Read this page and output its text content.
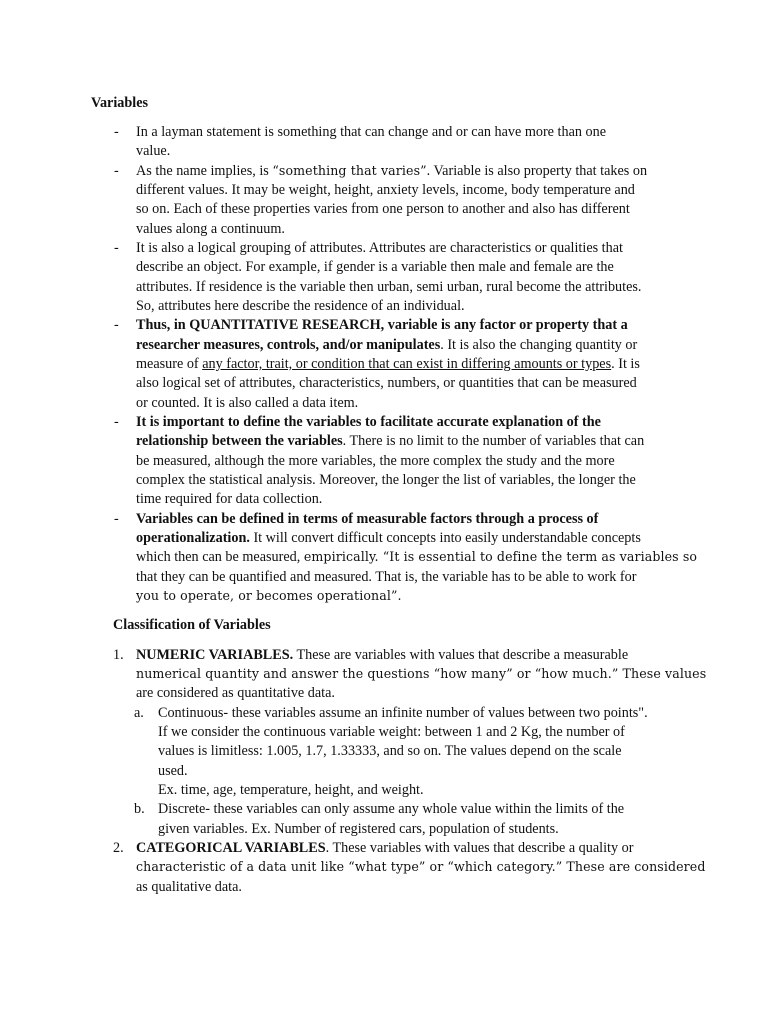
Variables
- In a layman statement is something that can change and or can have more than one
value.
- As the name implies, is “something that varies”. Variable is also property that takes on
different values. It may be weight, height, anxiety levels, income, body temperature and
so on. Each of these properties varies from one person to another and also has different
values along a continuum.
- It is also a logical grouping of attributes. Attributes are characteristics or qualities that
describe an object. For example, if gender is a variable then male and female are the
attributes. If residence is the variable then urban, semi urban, rural become the attributes.
So, attributes here describe the residence of an individual.
- Thus, in QUANTITATIVE RESEARCH, variable is any factor or property that a
researcher measures, controls, and/or manipulates. It is also the changing quantity or
measure of any factor, trait, or condition that can exist in differing amounts or types. It is
also logical set of attributes, characteristics, numbers, or quantities that can be measured
or counted. It is also called a data item.
- It is important to define the variables to facilitate accurate explanation of the
relationship between the variables. There is no limit to the number of variables that can
be measured, although the more variables, the more complex the study and the more
complex the statistical analysis. Moreover, the longer the list of variables, the longer the
time required for data collection.
- Variables can be defined in terms of measurable factors through a process of
operationalization. It will convert difficult concepts into easily understandable concepts
which then can be measured, empirically. “It is essential to define the term as variables so
that they can be quantified and measured. That is, the variable has to be able to work for
you to operate, or becomes operational”.
Classification of Variables
1. NUMERIC VARIABLES. These are variables with values that describe a measurable
numerical quantity and answer the questions “how many” or “how much.” These values
are considered as quantitative data.
a. Continuous- these variables assume an infinite number of values between two points".
If we consider the continuous variable weight: between 1 and 2 Kg, the number of
values is limitless: 1.005, 1.7, 1.33333, and so on. The values depend on the scale
used.
Ex. time, age, temperature, height, and weight.
b. Discrete- these variables can only assume any whole value within the limits of the
given variables. Ex. Number of registered cars, population of students.
2. CATEGORICAL VARIABLES. These variables with values that describe a quality or
characteristic of a data unit like “what type” or “which category.” These are considered
as qualitative data.
